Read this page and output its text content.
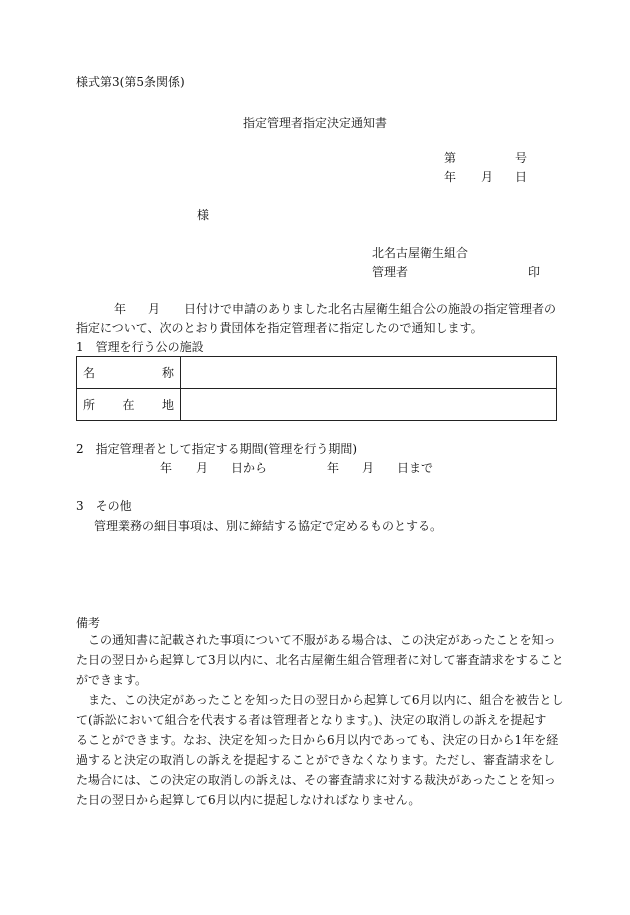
様式第3(第5条関係)
指定管理者指定決定通知書
第	号
年 月 日
様
北名古屋衛生組合
管理者	印
年 月 日付けで申請のありました北名古屋衛生組合公の施設の指定管理者の
指定について、次のとおり貴団体を指定管理者に指定したので通知します。
1　管理を行う公の施設
名 称	

所 在 地	

2　指定管理者として指定する期間(管理を行う期間)
年 月 日から	年 月 日まで
3　その他
管理業務の細目事項は、別に締結する協定で定めるものとする。
備考
この通知書に記載された事項について不服がある場合は、この決定があったことを知っ
た日の翌日から起算して3月以内に、北名古屋衛生組合管理者に対して審査請求をすること
ができます。
また、この決定があったことを知った日の翌日から起算して6月以内に、組合を被告とし
て(訴訟において組合を代表する者は管理者となります。)、決定の取消しの訴えを提起す
ることができます。なお、決定を知った日から6月以内であっても、決定の日から1年を経
過すると決定の取消しの訴えを提起することができなくなります。ただし、審査請求をし
た場合には、この決定の取消しの訴えは、その審査請求に対する裁決があったことを知っ
た日の翌日から起算して6月以内に提起しなければなりません。
